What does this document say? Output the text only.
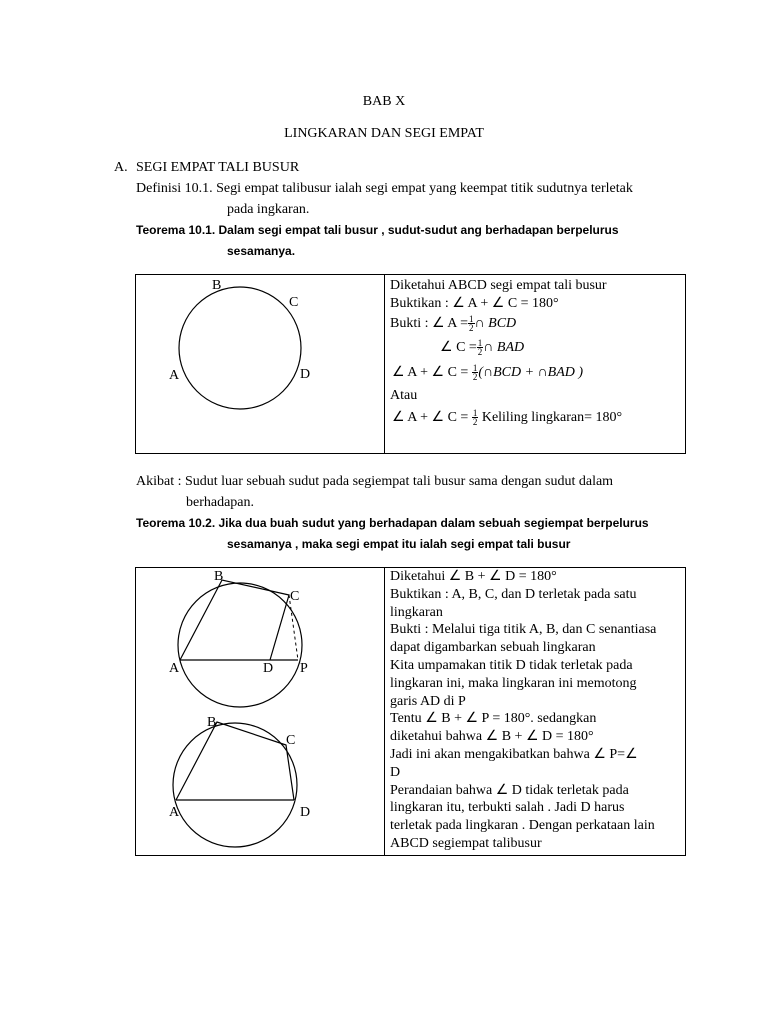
BAB X
LINGKARAN DAN SEGI EMPAT
A. SEGI EMPAT TALI BUSUR
Definisi 10.1. Segi empat talibusur ialah segi empat yang keempat titik sudutnya terletak
pada ingkaran.
Teorema 10.1. Dalam segi empat tali busur , sudut-sudut ang berhadapan berpelurus
sesamanya.
B
C
A	D
Diketahui ABCD segi empat tali busur
Buktikan : ∠ A + ∠ C = 180°
Bukti : ∠ $A = \frac{1}{2}$ ∩ BCD
∠ $C = \frac{1}{2}$ ∩ BAD
∠ A + ∠ $C = \frac{1}{2}$ (∩BCD + ∩BAD )
Atau
∠ A + ∠ $C = \frac{1}{2}$ Keliling lingkaran= 180°
Akibat : Sudut luar sebuah sudut pada segiempat tali busur sama dengan sudut dalam
berhadapan.
Teorema 10.2. Jika dua buah sudut yang berhadapan dalam sebuah segiempat berpelurus
sesamanya , maka segi empat itu ialah segi empat tali busur
B
C
A	D P
B
C
A	D
Diketahui ∠ B + ∠ D = 180°
Buktikan : A, B, C, dan D terletak pada satu
lingkaran
Bukti : Melalui tiga titik A, B, dan C senantiasa
dapat digambarkan sebuah lingkaran
Kita umpamakan titik D tidak terletak pada
lingkaran ini, maka lingkaran ini memotong
garis AD di P
Tentu ∠ B + ∠ P = 180°. sedangkan
diketahui bahwa ∠ B + ∠ D = 180°
Jadi ini akan mengakibatkan bahwa ∠ P=∠
D
Perandaian bahwa ∠ D tidak terletak pada
lingkaran itu, terbukti salah . Jadi D harus
terletak pada lingkaran . Dengan perkataan lain
ABCD segiempat talibusur
